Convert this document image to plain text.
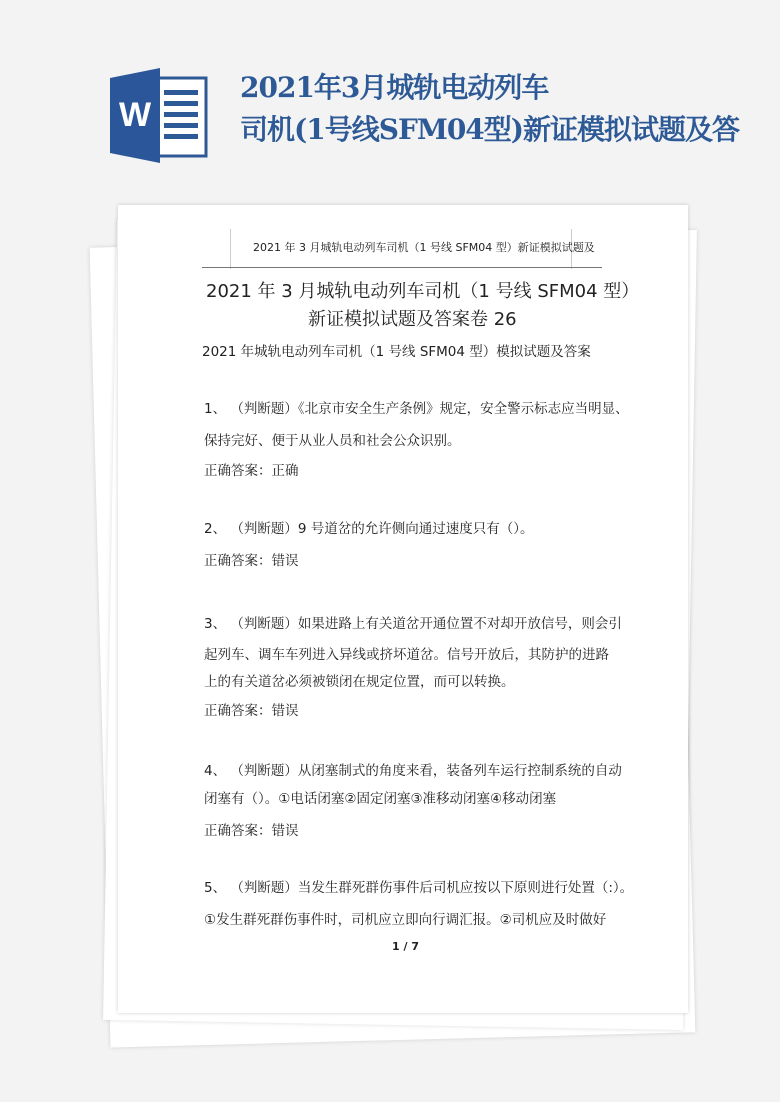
W
2021年3月城轨电动列车
司机(1号线SFM04型)新证模拟试题及答
2021 年 3 月城轨电动列车司机（1 号线 SFM04 型）新证模拟试题及
2021 年 3 月城轨电动列车司机（1 号线 SFM04 型）
新证模拟试题及答案卷 26
2021 年城轨电动列车司机（1 号线 SFM04 型）模拟试题及答案
1、 （判断题）《北京市安全生产条例》规定，安全警示标志应当明显、
保持完好、便于从业人员和社会公众识别。
正确答案：正确
2、 （判断题）9 号道岔的允许侧向通过速度只有（）。
正确答案：错误
3、 （判断题）如果进路上有关道岔开通位置不对却开放信号，则会引
起列车、调车车列进入异线或挤坏道岔。信号开放后，其防护的进路
上的有关道岔必须被锁闭在规定位置，而可以转换。
正确答案：错误
4、 （判断题）从闭塞制式的角度来看，装备列车运行控制系统的自动
闭塞有（）。①电话闭塞②固定闭塞③准移动闭塞④移动闭塞
正确答案：错误
5、 （判断题）当发生群死群伤事件后司机应按以下原则进行处置（:）。
①发生群死群伤事件时，司机应立即向行调汇报。②司机应及时做好
1 / 7
